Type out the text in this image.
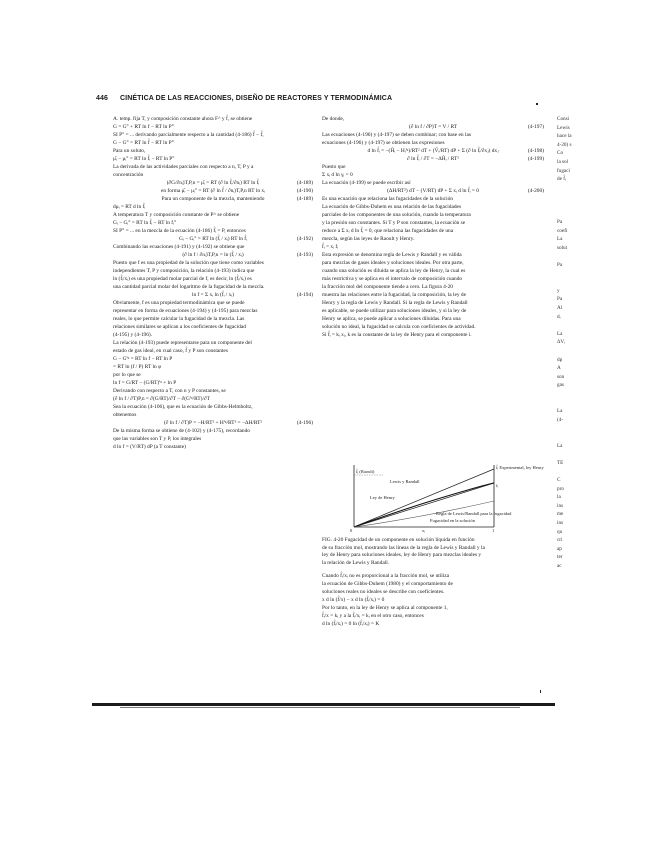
446 CINÉTICA DE LAS REACCIONES, DISEÑO DE REACTORES Y TERMODINÁMICA
A. temp. fija T, y composición constante ahora F^ y f̂, se obtiene
G = G° + RT ln f − RT ln P°
SI P° = ... derivando parcialmente respecto a la cantidad (4-186) f̂ − f̂,
G − G° = RT ln f̂ − RT ln P°
Para un soluto,
μ̂ᵢ − μᵢ° = RT ln f̂ᵢ − RT ln P°
La derivada de las actividades parciales con respecto a n, T, P y a
concentración
(∂G/∂nᵢ)T,P,n = μ̂ᵢ = RT (∂ ln f̂ᵢ/∂nᵢ) RT ln f̂ᵢ	(4-189)
en forma μ̂ᵢ − μᵢ° = RT (∂ ln f̂ / ∂nᵢ)T,P,n RT ln xᵢ	(4-190)
Para un componente de la mezcla, manteniendo	(4-189)
dμᵢ = RT d ln f̂ᵢ
A temperatura T y composición constante de P^ se obtiene
Gᵢ − Gᵢ° = RT ln f̂ᵢ − RT ln fᵢ°
SI P° = ... en la mezcla de la ecuación (4-186) f̂ᵢ = P, entonces
Gᵢ − Gᵢ° = RT ln (f̂ᵢ / xᵢ) RT ln f̂ᵢ	(4-192)
Combinando las ecuaciones (4-191) y (4-192) se obtiene que
(∂ ln f / ∂nᵢ)T,P,n = ln (f̂ᵢ / xᵢ)	(4-193)
Puesto que f es una propiedad de la solución que tiene como variables
independientes T, P y composición, la relación (4-193) indica que
ln (f̂ᵢ/xᵢ) es una propiedad molar parcial de f, es decir, ln (f̂ᵢ/xᵢ) es
una cantidad parcial molar del logaritmo de la fugacidad de la mezcla.
ln f = Σ xᵢ ln (f̂ᵢ / xᵢ)	(4-194)
Obviamente, f es una propiedad termodinámica que se puede
representar en forma de ecuaciones (4-194) y (4-195) para mezclas
reales, lo que permite calcular la fugacidad de la mezcla. Las
relaciones similares se aplican a los coeficientes de fugacidad
(4-195) y (4-196).
La relación (4-193) puede representarse para un componente del
estado de gas ideal, en cual caso, f̂ y P son constantes
G − Gⁱᵍ = RT ln f − RT ln P
= RT ln (f / P) RT ln φ
por lo que se
ln f = G/RT − (G/RT)ⁱᵍ + ln P
Derivando con respecto a T, con n y P constantes, se
(∂ ln f / ∂T)P,n = ∂(G/RT)/∂T − ∂(Gⁱᵍ/RT)/∂T
Sea la ecuación (4-106), que es la ecuación de Gibbs-Helmholtz,
obtenemos
(∂ ln f / ∂T)P = −H/RT² + Hⁱᵍ/RT² = −ΔH/RT²	(4-196)
De la misma forma se obtiene de (4-102) y (4-175), recordando
que las variables son T y P, los integrales
d ln f = (V/RT) dP (a T constante)
De donde,
(∂ ln f / ∂P)T = V / RT	(4-197)
Las ecuaciones (4-196) y (4-197) se deben combinar; con base en las
ecuaciones (4-196) y (4-197) se obtienen las expresiones
d ln f̂ᵢ = −(Ĥᵢ − Hᵢⁱᵍ)/RT² dT + (V̂ᵢ/RT) dP + Σ (∂ ln f̂ᵢ/∂xⱼ) dxⱼ	(4-198)
∂ ln f̂ᵢ / ∂T = −ΔĤᵢ / RT²	(4-199)
Puesto que
Σ xᵢ d ln γᵢ = 0
La ecuación (4-199) se puede escribir así
(ΔH/RT²) dT − (V/RT) dP + Σ xᵢ d ln f̂ᵢ = 0	(4-200)
Es una ecuación que relaciona las fugacidades de la solución
La ecuación de Gibbs-Duhem es una relación de las fugacidades
parciales de los componentes de una solución, cuando la temperatura
y la presión son constantes. Si T y P son constantes, la ecuación se
reduce a Σ xᵢ d ln f̂ᵢ = 0, que relaciona las fugacidades de una
mezcla, según las leyes de Raoult y Henry.
f̂ᵢ = xᵢ fᵢ
Esta expresión se denomina regla de Lewis y Randall y es válida
para mezclas de gases ideales y soluciones ideales. Por otra parte,
cuando una solución es diluida se aplica la ley de Henry, la cual es
más restrictiva y se aplica en el intervalo de composición cuando
la fracción mol del componente tiende a cero. La figura 4-20
muestra las relaciones entre la fugacidad, la composición, la ley de
Henry y la regla de Lewis y Randall. Si la regla de Lewis y Randall
es aplicable, se puede utilizar para soluciones ideales, y si la ley de
Henry se aplica, se puede aplicar a soluciones diluidas. Para una
solución no ideal, la fugacidad se calcula con coeficientes de actividad.
Si f̂ᵢ = kᵢ xᵢ, k es la constante de la ley de Henry para el componente i.
f̂ᵢ (Raoult)
Lewis y Randall
Ley de Henry
Regla de Lewis/Randall para la fugacidad
Fugacidad en la solución
f̂ᵢ Experimental, ley Henry
fᵢ
0	xᵢ	1
FIG. 4-20 Fugacidad de un componente en solución líquida en función
de su fracción mol, mostrando las líneas de la regla de Lewis y Randall y la
ley de Henry para soluciones ideales, ley de Henry para mezclas ideales y
la relación de Lewis y Randall.
Cuando f̂ᵢ/xᵢ no es proporcional a la fracción mol, se utiliza
la ecuación de Gibbs-Duhem (1980) y el comportamiento de
soluciones reales no ideales se describe con coeficientes.
x d ln (f̂/x) − x d ln (f̂ᵢ/xᵢ) = 0
Por lo tanto, en la ley de Henry se aplica al componente 1,
f̂ᵢ/x = kᵢ y a la f̂ᵢ/xᵢ = kᵢ en el otro caso, entonces
d ln (f̂ᵢ/xᵢ) = 0 ln (f̂ᵢ/xᵢ) = K
Consi
Lewis
hace la
4-20) s
Co
la sol
fugaci
de f̂ᵢ
Pa
coefi
La
solut
Pa
y
Pa
Al
dᵢ
La
ΔVᵢ
dp
A
son
gas
La
(4-
La
TE
C
pro
la
ins
me
ins
qu
cri
ap
ter
ac
